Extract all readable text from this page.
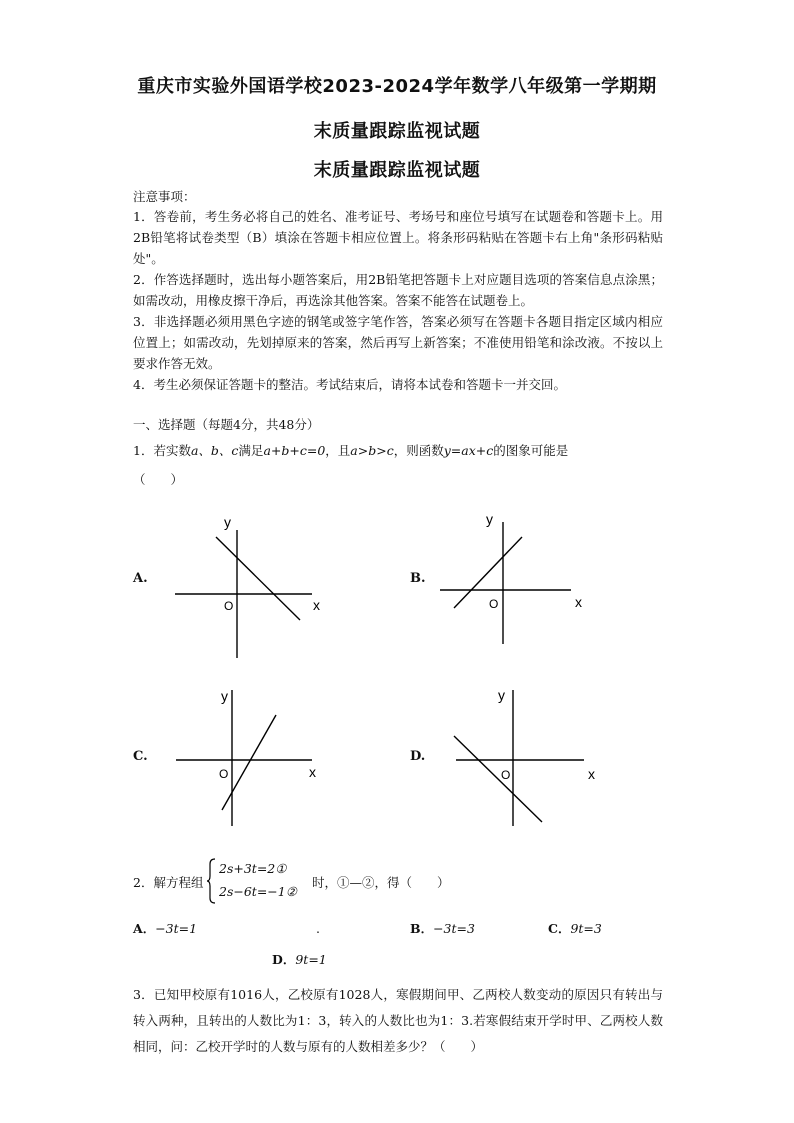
重庆市实验外国语学校2023-2024学年数学八年级第一学期期
末质量跟踪监视试题
末质量跟踪监视试题
注意事项：
1．答卷前，考生务必将自己的姓名、准考证号、考场号和座位号填写在试题卷和答题卡上。用2B铅笔将试卷类型（B）填涂在答题卡相应位置上。将条形码粘贴在答题卡右上角"条形码粘贴处"。
2．作答选择题时，选出每小题答案后，用2B铅笔把答题卡上对应题目选项的答案信息点涂黑；如需改动，用橡皮擦干净后，再选涂其他答案。答案不能答在试题卷上。
3．非选择题必须用黑色字迹的钢笔或签字笔作答，答案必须写在答题卡各题目指定区域内相应位置上；如需改动，先划掉原来的答案，然后再写上新答案；不准使用铅笔和涂改液。不按以上要求作答无效。
4．考生必须保证答题卡的整洁。考试结束后，请将本试卷和答题卡一并交回。
一、选择题（每题4分，共48分）
1．若实数a、b、c满足a+b+c=0，且a>b>c，则函数y=ax+c的图象可能是
（　　）
A.	B.
C.	D.
y
x
O
y
x
O
y
x
O
y
x
O
2．解方程组
2s+3t=2①
2s−6t=−1②
时，①—②，得（　　）
A．−3t=1	.	B．−3t=3	C．9t=3
D．9t=1
3．已知甲校原有1016人，乙校原有1028人，寒假期间甲、乙两校人数变动的原因只有转出与转入两种，且转出的人数比为1：3，转入的人数比也为1：3.若寒假结束开学时甲、乙两校人数相同，问：乙校开学时的人数与原有的人数相差多少？（　　）
